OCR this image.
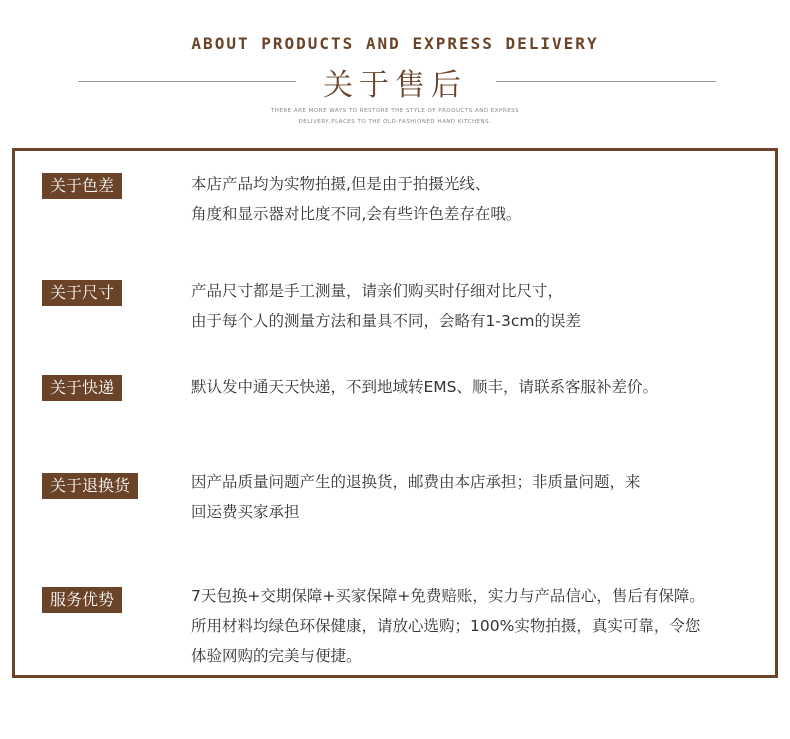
ABOUT PRODUCTS AND EXPRESS DELIVERY
关于售后
THERE ARE MORE WAYS TO RESTORE THE STYLE OF PRODUCTS AND EXPRESS
DELIVERY,PLACES TO THE OLD-FASHIONED HAND KITCHENS.
关于色差	本店产品均为实物拍摄,但是由于拍摄光线、
角度和显示器对比度不同,会有些许色差存在哦。
关于尺寸	产品尺寸都是手工测量，请亲们购买时仔细对比尺寸，
由于每个人的测量方法和量具不同，会略有1-3cm的误差
关于快递	默认发中通天天快递，不到地域转EMS、顺丰，请联系客服补差价。
关于退换货	因产品质量问题产生的退换货，邮费由本店承担；非质量问题，来
回运费买家承担
服务优势	7天包换+交期保障+买家保障+免费赔账，实力与产品信心，售后有保障。
所用材料均绿色环保健康，请放心选购；100%实物拍摄，真实可靠，令您
体验网购的完美与便捷。
